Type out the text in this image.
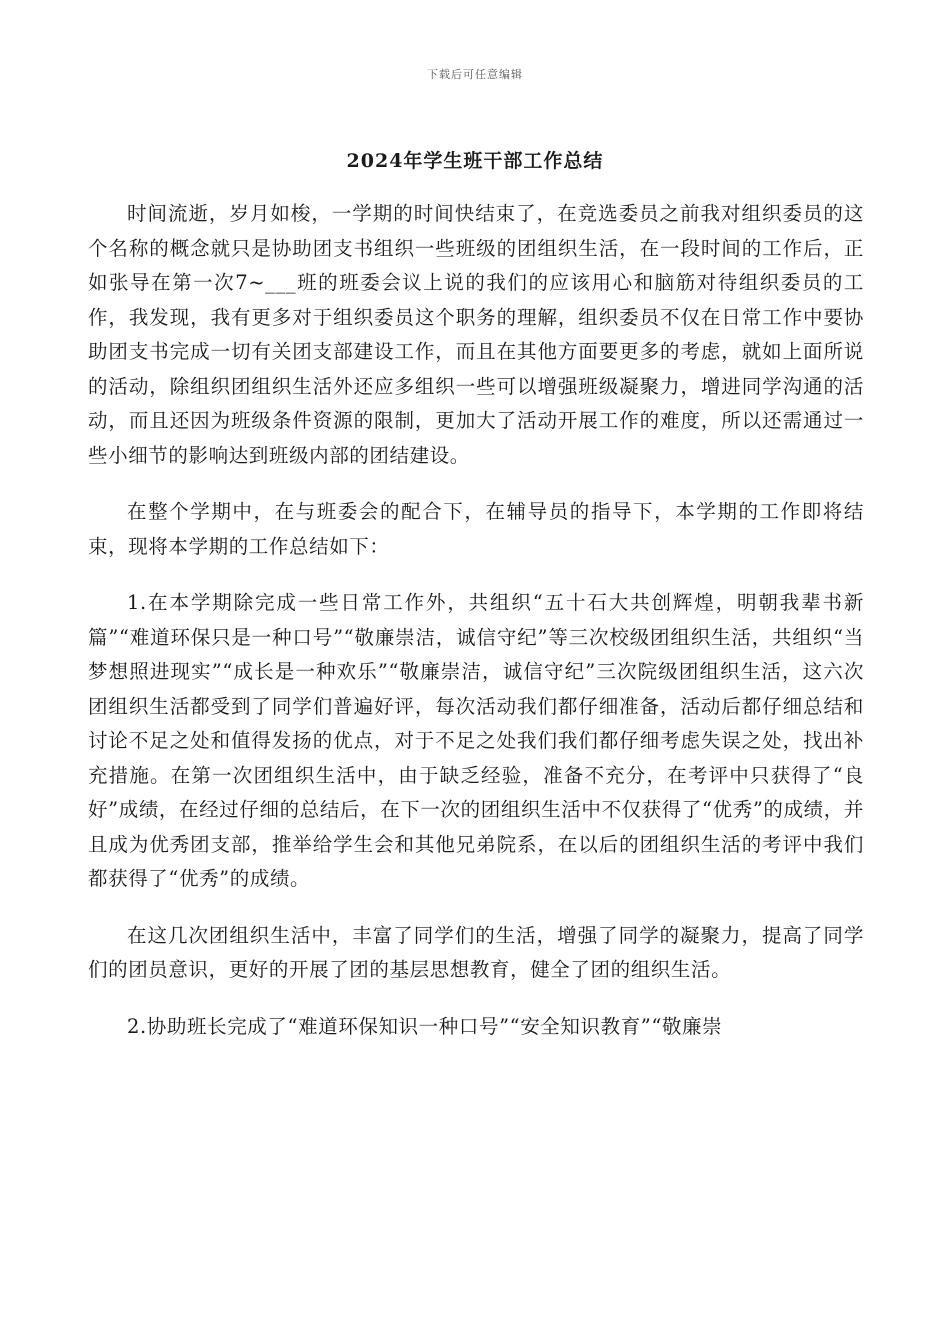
下载后可任意编辑
2024年学生班干部工作总结

时间流逝，岁月如梭，一学期的时间快结束了，在竞选委员之前我对组织委员的这个名称的概念就只是协助团支书组织一些班级的团组织生活，在一段时间的工作后，正如张导在第一次7~___班的班委会议上说的我们的应该用心和脑筋对待组织委员的工作，我发现，我有更多对于组织委员这个职务的理解，组织委员不仅在日常工作中要协助团支书完成一切有关团支部建设工作，而且在其他方面要更多的考虑，就如上面所说的活动，除组织团组织生活外还应多组织一些可以增强班级凝聚力，增进同学沟通的活动，而且还因为班级条件资源的限制，更加大了活动开展工作的难度，所以还需通过一些小细节的影响达到班级内部的团结建设。

在整个学期中，在与班委会的配合下，在辅导员的指导下，本学期的工作即将结束，现将本学期的工作总结如下：

1.在本学期除完成一些日常工作外，共组织“五十石大共创辉煌，明朝我辈书新篇”“难道环保只是一种口号”“敬廉崇洁，诚信守纪”等三次校级团组织生活，共组织“当梦想照进现实”“成长是一种欢乐”“敬廉崇洁，诚信守纪”三次院级团组织生活，这六次团组织生活都受到了同学们普遍好评，每次活动我们都仔细准备，活动后都仔细总结和讨论不足之处和值得发扬的优点，对于不足之处我们我们都仔细考虑失误之处，找出补充措施。在第一次团组织生活中，由于缺乏经验，准备不充分，在考评中只获得了“良好”成绩，在经过仔细的总结后，在下一次的团组织生活中不仅获得了“优秀”的成绩，并且成为优秀团支部，推举给学生会和其他兄弟院系，在以后的团组织生活的考评中我们都获得了“优秀”的成绩。

在这几次团组织生活中，丰富了同学们的生活，增强了同学的凝聚力，提高了同学们的团员意识，更好的开展了团的基层思想教育，健全了团的组织生活。

2.协助班长完成了“难道环保知识一种口号”“安全知识教育”“敬廉崇
